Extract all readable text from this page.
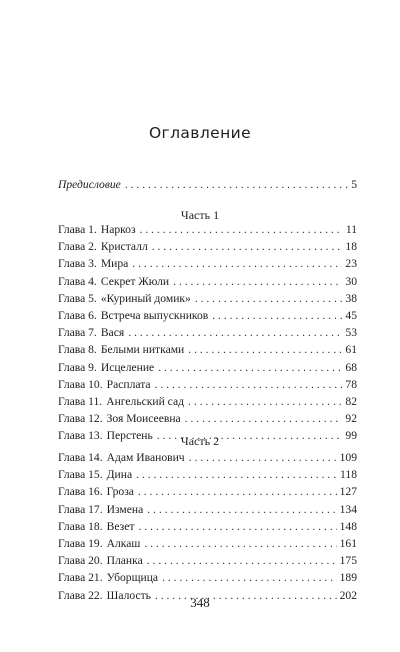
Оглавление
Предисловие . . .	5
Часть 1
Глава 1. Наркоз . . .	11
Глава 2. Кристалл . . .	18
Глава 3. Мира . . .	23
Глава 4. Секрет Жюли . . .	30
Глава 5. «Куриный домик» . . .	38
Глава 6. Встреча выпускников . . .	45
Глава 7. Вася . . .	53
Глава 8. Белыми нитками . . .	61
Глава 9. Исцеление . . .	68
Глава 10. Расплата . . .	78
Глава 11. Ангельский сад . . .	82
Глава 12. Зоя Моисеевна . . .	92
Глава 13. Перстень . . .	99
Часть 2
Глава 14. Адам Иванович . . .	109
Глава 15. Дина . . .	118
Глава 16. Гроза . . .	127
Глава 17. Измена . . .	134
Глава 18. Везет . . .	148
Глава 19. Алкаш . . .	161
Глава 20. Планка . . .	175
Глава 21. Уборщица . . .	189
Глава 22. Шалость . . .	202
348
